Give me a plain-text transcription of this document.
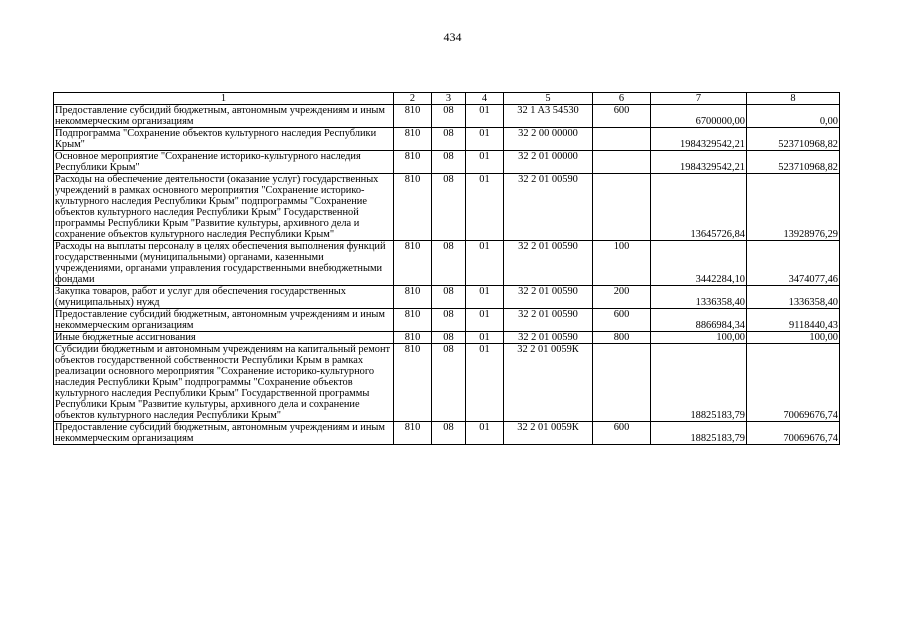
434
1	2	3	4	5	6	7	8
Предоставление субсидий бюджетным, автономным учреждениям и иным некоммерческим организациям	810	08	01	32 1 A3 54530	600	6700000,00	0,00
Подпрограмма "Сохранение объектов культурного наследия Республики Крым"	810	08	01	32 2 00 00000		1984329542,21	523710968,82
Основное мероприятие "Сохранение историко-культурного наследия Республики Крым"	810	08	01	32 2 01 00000		1984329542,21	523710968,82
Расходы на обеспечение деятельности (оказание услуг) государственных учреждений в рамках основного мероприятия "Сохранение историко-культурного наследия Республики Крым" подпрограммы "Сохранение объектов культурного наследия Республики Крым" Государственной программы Республики Крым "Развитие культуры, архивного дела и сохранение объектов культурного наследия Республики Крым"	810	08	01	32 2 01 00590		13645726,84	13928976,29
Расходы на выплаты персоналу в целях обеспечения выполнения функций государственными (муниципальными) органами, казенными учреждениями, органами управления государственными внебюджетными фондами	810	08	01	32 2 01 00590	100	3442284,10	3474077,46
Закупка товаров, работ и услуг для обеспечения государственных (муниципальных) нужд	810	08	01	32 2 01 00590	200	1336358,40	1336358,40
Предоставление субсидий бюджетным, автономным учреждениям и иным некоммерческим организациям	810	08	01	32 2 01 00590	600	8866984,34	9118440,43
Иные бюджетные ассигнования	810	08	01	32 2 01 00590	800	100,00	100,00
Субсидии бюджетным и автономным учреждениям на капитальный ремонт объектов государственной собственности Республики Крым в рамках реализации основного мероприятия "Сохранение историко-культурного наследия Республики Крым" подпрограммы "Сохранение объектов культурного наследия Республики Крым" Государственной программы Республики Крым "Развитие культуры, архивного дела и сохранение объектов культурного наследия Республики Крым"	810	08	01	32 2 01 0059К		18825183,79	70069676,74
Предоставление субсидий бюджетным, автономным учреждениям и иным некоммерческим организациям	810	08	01	32 2 01 0059К	600	18825183,79	70069676,74
